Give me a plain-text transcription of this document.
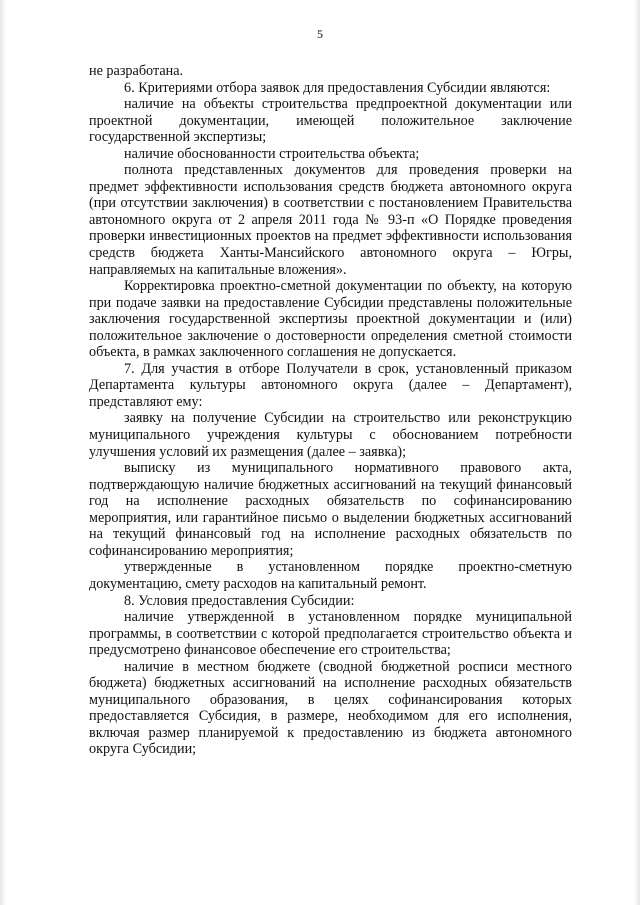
5

не разработана.

6. Критериями отбора заявок для предоставления Субсидии являются:

наличие на объекты строительства предпроектной документации или проектной документации, имеющей положительное заключение государственной экспертизы;

наличие обоснованности строительства объекта;

полнота представленных документов для проведения проверки на предмет эффективности использования средств бюджета автономного округа (при отсутствии заключения) в соответствии с постановлением Правительства автономного округа от 2 апреля 2011 года № 93-п «О Порядке проведения проверки инвестиционных проектов на предмет эффективности использования средств бюджета Ханты-Мансийского автономного округа – Югры, направляемых на капитальные вложения».

Корректировка проектно-сметной документации по объекту, на которую при подаче заявки на предоставление Субсидии представлены положительные заключения государственной экспертизы проектной документации и (или) положительное заключение о достоверности определения сметной стоимости объекта, в рамках заключенного соглашения не допускается.

7. Для участия в отборе Получатели в срок, установленный приказом Департамента культуры автономного округа (далее – Департамент), представляют ему:

заявку на получение Субсидии на строительство или реконструкцию муниципального учреждения культуры с обоснованием потребности улучшения условий их размещения (далее – заявка);

выписку из муниципального нормативного правового акта, подтверждающую наличие бюджетных ассигнований на текущий финансовый год на исполнение расходных обязательств по софинансированию мероприятия, или гарантийное письмо о выделении бюджетных ассигнований на текущий финансовый год на исполнение расходных обязательств по софинансированию мероприятия;

утвержденные в установленном порядке проектно-сметную документацию, смету расходов на капитальный ремонт.

8. Условия предоставления Субсидии:

наличие утвержденной в установленном порядке муниципальной программы, в соответствии с которой предполагается строительство объекта и предусмотрено финансовое обеспечение его строительства;

наличие в местном бюджете (сводной бюджетной росписи местного бюджета) бюджетных ассигнований на исполнение расходных обязательств муниципального образования, в целях софинансирования которых предоставляется Субсидия, в размере, необходимом для его исполнения, включая размер планируемой к предоставлению из бюджета автономного округа Субсидии;
